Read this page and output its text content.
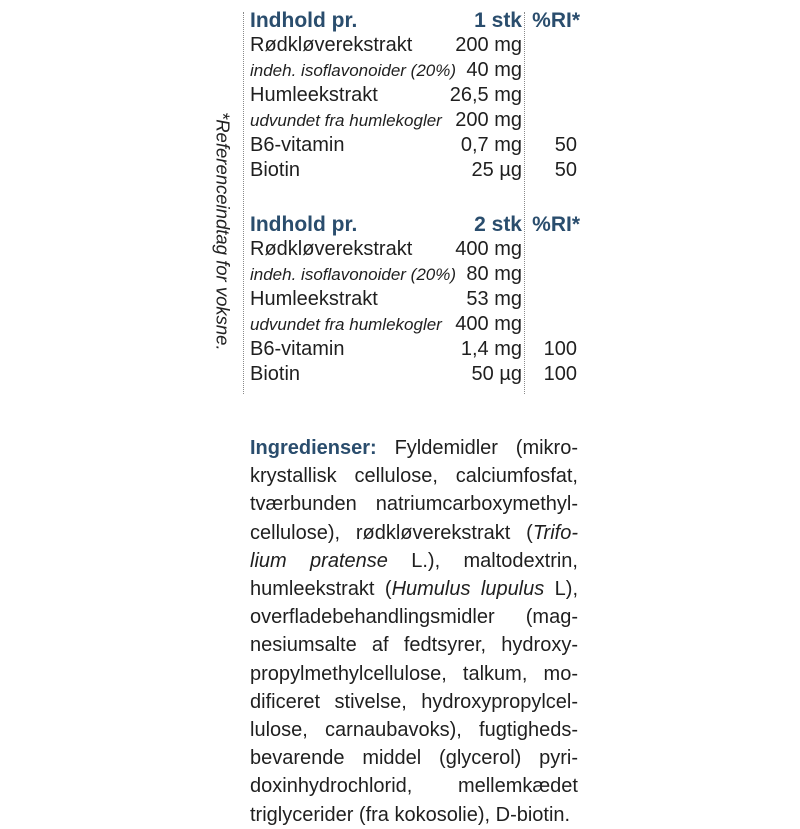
*Referenceindtag for voksne.
Indhold pr.	1 stk %RI*
Rødkløverekstrakt 200 mg
indeh. isoflavonoider (20%) 40 mg
Humleekstrakt	26,5 mg
udvundet fra humlekogler 200 mg
B6-vitamin	0,7 mg 50
Biotin	25 µg 50
Indhold pr.	2 stk %RI*
Rødkløverekstrakt 400 mg
indeh. isoflavonoider (20%) 80 mg
Humleekstrakt	53 mg
udvundet fra humlekogler 400 mg
B6-vitamin	1,4 mg 100
Biotin	50 µg 100
Ingredienser: Fyldemidler (mikro-
krystallisk cellulose, calciumfosfat,
tværbunden natriumcarboxymethyl-
cellulose), rødkløverekstrakt (Trifo-
lium pratense L.), maltodextrin,
humleekstrakt (Humulus lupulus L),
overfladebehandlingsmidler (mag-
nesiumsalte af fedtsyrer, hydroxy-
propylmethylcellulose, talkum, mo-
dificeret stivelse, hydroxypropylcel-
lulose, carnaubavoks), fugtigheds-
bevarende middel (glycerol) pyri-
doxinhydrochlorid, mellemkædet
triglycerider (fra kokosolie), D-biotin.
